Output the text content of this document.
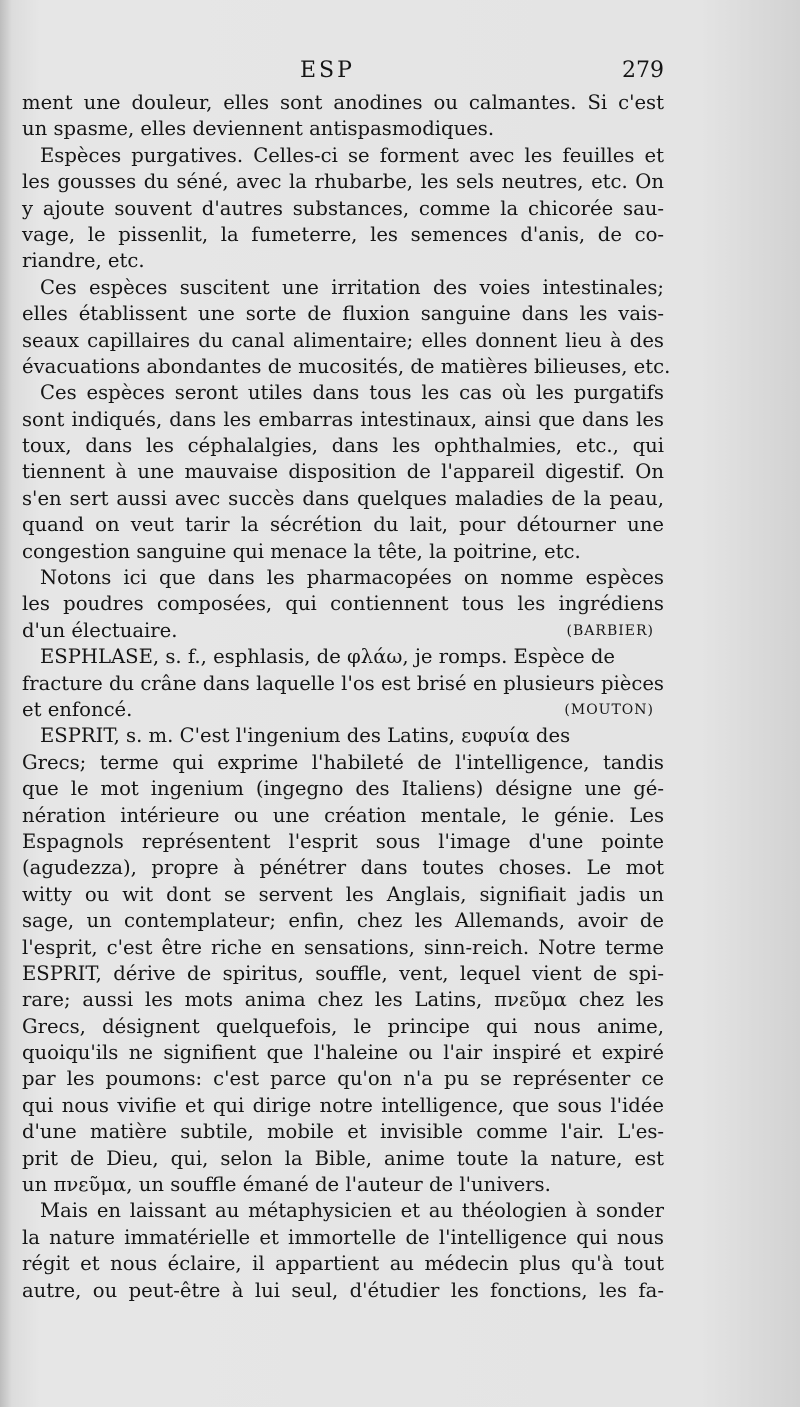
ESP	279
ment une douleur, elles sont anodines ou calmantes. Si c'est
un spasme, elles deviennent antispasmodiques.
Espèces purgatives. Celles-ci se forment avec les feuilles et
les gousses du séné, avec la rhubarbe, les sels neutres, etc. On
y ajoute souvent d'autres substances, comme la chicorée sau-
vage, le pissenlit, la fumeterre, les semences d'anis, de co-
riandre, etc.
Ces espèces suscitent une irritation des voies intestinales;
elles établissent une sorte de fluxion sanguine dans les vais-
seaux capillaires du canal alimentaire; elles donnent lieu à des
évacuations abondantes de mucosités, de matières bilieuses, etc.
Ces espèces seront utiles dans tous les cas où les purgatifs
sont indiqués, dans les embarras intestinaux, ainsi que dans les
toux, dans les céphalalgies, dans les ophthalmies, etc., qui
tiennent à une mauvaise disposition de l'appareil digestif. On
s'en sert aussi avec succès dans quelques maladies de la peau,
quand on veut tarir la sécrétion du lait, pour détourner une
congestion sanguine qui menace la tête, la poitrine, etc.
Notons ici que dans les pharmacopées on nomme espèces
les poudres composées, qui contiennent tous les ingrédiens
d'un électuaire.	(BARBIER)
ESPHLASE, s. f., esphlasis, de φλάω, je romps. Espèce de
fracture du crâne dans laquelle l'os est brisé en plusieurs pièces
et enfoncé.	(MOUTON)
ESPRIT, s. m. C'est l'ingenium des Latins, ευφυία des
Grecs; terme qui exprime l'habileté de l'intelligence, tandis
que le mot ingenium (ingegno des Italiens) désigne une gé-
nération intérieure ou une création mentale, le génie. Les
Espagnols représentent l'esprit sous l'image d'une pointe
(agudezza), propre à pénétrer dans toutes choses. Le mot
witty ou wit dont se servent les Anglais, signifiait jadis un
sage, un contemplateur; enfin, chez les Allemands, avoir de
l'esprit, c'est être riche en sensations, sinn-reich. Notre terme
ESPRIT, dérive de spiritus, souffle, vent, lequel vient de spi-
rare; aussi les mots anima chez les Latins, πνεῦμα chez les
Grecs, désignent quelquefois, le principe qui nous anime,
quoiqu'ils ne signifient que l'haleine ou l'air inspiré et expiré
par les poumons: c'est parce qu'on n'a pu se représenter ce
qui nous vivifie et qui dirige notre intelligence, que sous l'idée
d'une matière subtile, mobile et invisible comme l'air. L'es-
prit de Dieu, qui, selon la Bible, anime toute la nature, est
un πνεῦμα, un souffle émané de l'auteur de l'univers.
Mais en laissant au métaphysicien et au théologien à sonder
la nature immatérielle et immortelle de l'intelligence qui nous
régit et nous éclaire, il appartient au médecin plus qu'à tout
autre, ou peut-être à lui seul, d'étudier les fonctions, les fa-
